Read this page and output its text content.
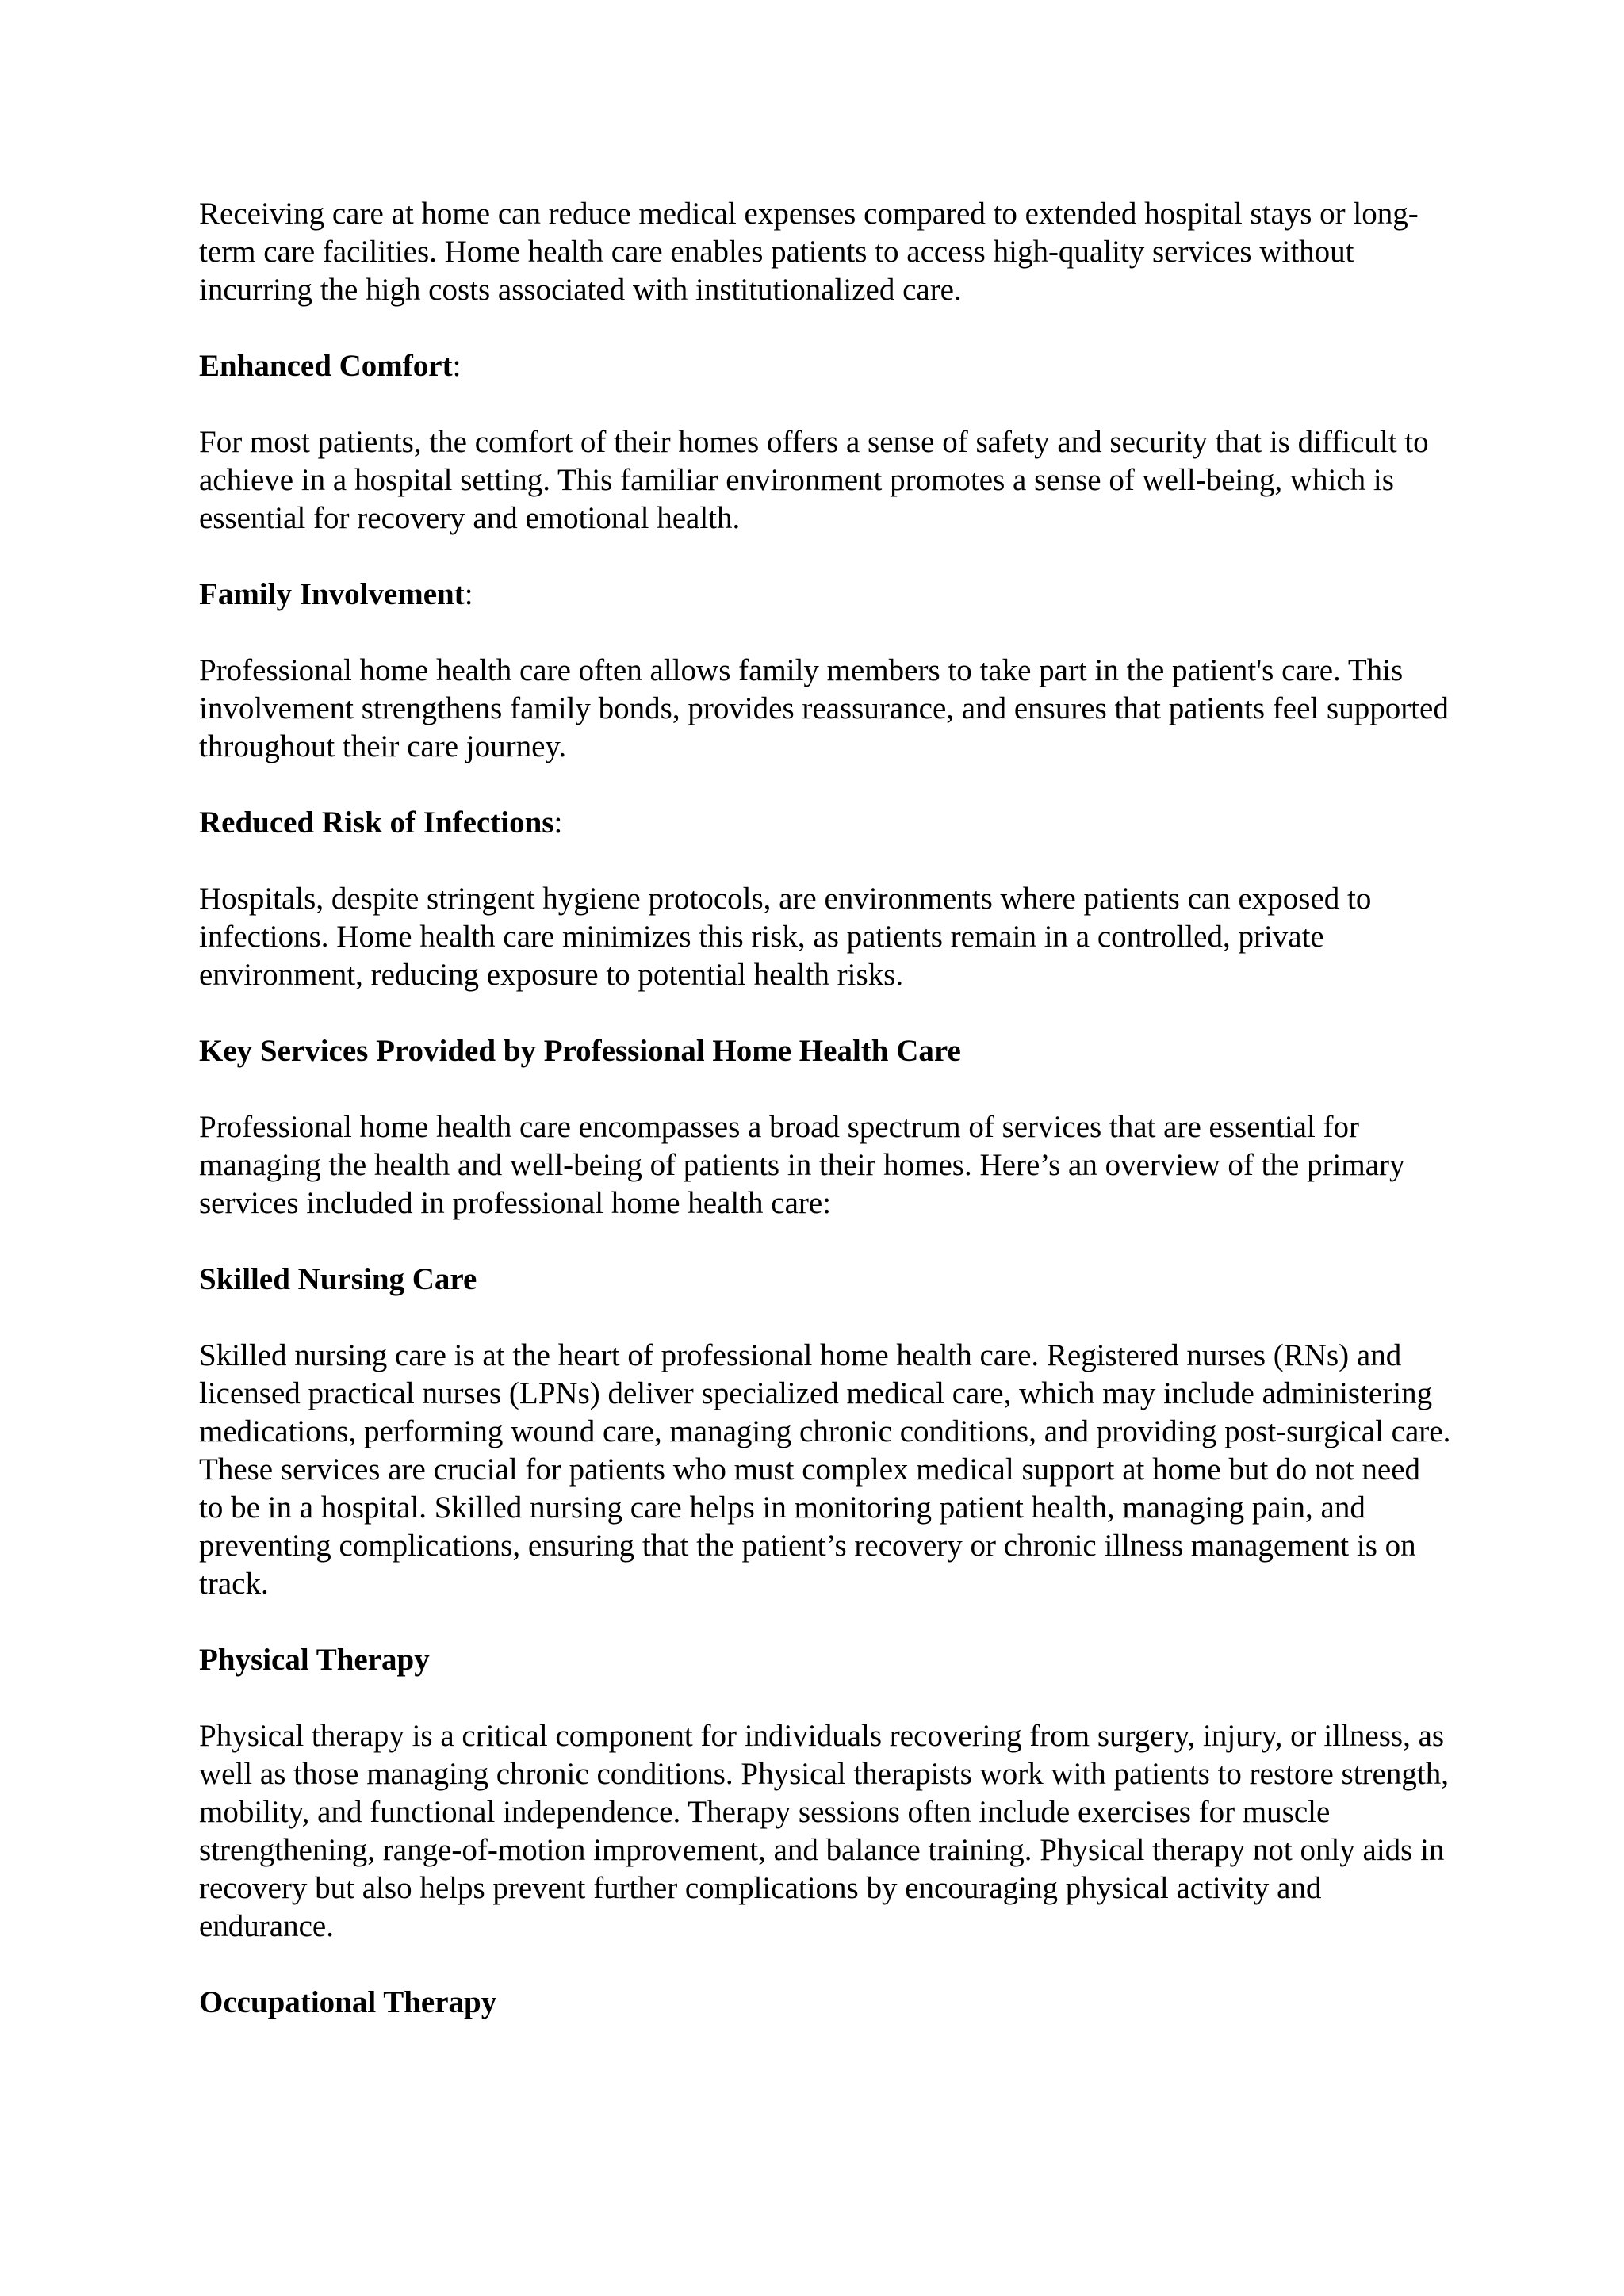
Receiving care at home can reduce medical expenses compared to extended hospital stays or long-term care facilities. Home health care enables patients to access high-quality services without incurring the high costs associated with institutionalized care.

Enhanced Comfort:

For most patients, the comfort of their homes offers a sense of safety and security that is difficult to achieve in a hospital setting. This familiar environment promotes a sense of well-being, which is essential for recovery and emotional health.

Family Involvement:

Professional home health care often allows family members to take part in the patient's care. This involvement strengthens family bonds, provides reassurance, and ensures that patients feel supported throughout their care journey.

Reduced Risk of Infections:

Hospitals, despite stringent hygiene protocols, are environments where patients can exposed to infections. Home health care minimizes this risk, as patients remain in a controlled, private environment, reducing exposure to potential health risks.

Key Services Provided by Professional Home Health Care

Professional home health care encompasses a broad spectrum of services that are essential for managing the health and well-being of patients in their homes. Here’s an overview of the primary services included in professional home health care:

Skilled Nursing Care

Skilled nursing care is at the heart of professional home health care. Registered nurses (RNs) and licensed practical nurses (LPNs) deliver specialized medical care, which may include administering medications, performing wound care, managing chronic conditions, and providing post-surgical care. These services are crucial for patients who must complex medical support at home but do not need to be in a hospital. Skilled nursing care helps in monitoring patient health, managing pain, and preventing complications, ensuring that the patient’s recovery or chronic illness management is on track.

Physical Therapy

Physical therapy is a critical component for individuals recovering from surgery, injury, or illness, as well as those managing chronic conditions. Physical therapists work with patients to restore strength, mobility, and functional independence. Therapy sessions often include exercises for muscle strengthening, range-of-motion improvement, and balance training. Physical therapy not only aids in recovery but also helps prevent further complications by encouraging physical activity and endurance.

Occupational Therapy
